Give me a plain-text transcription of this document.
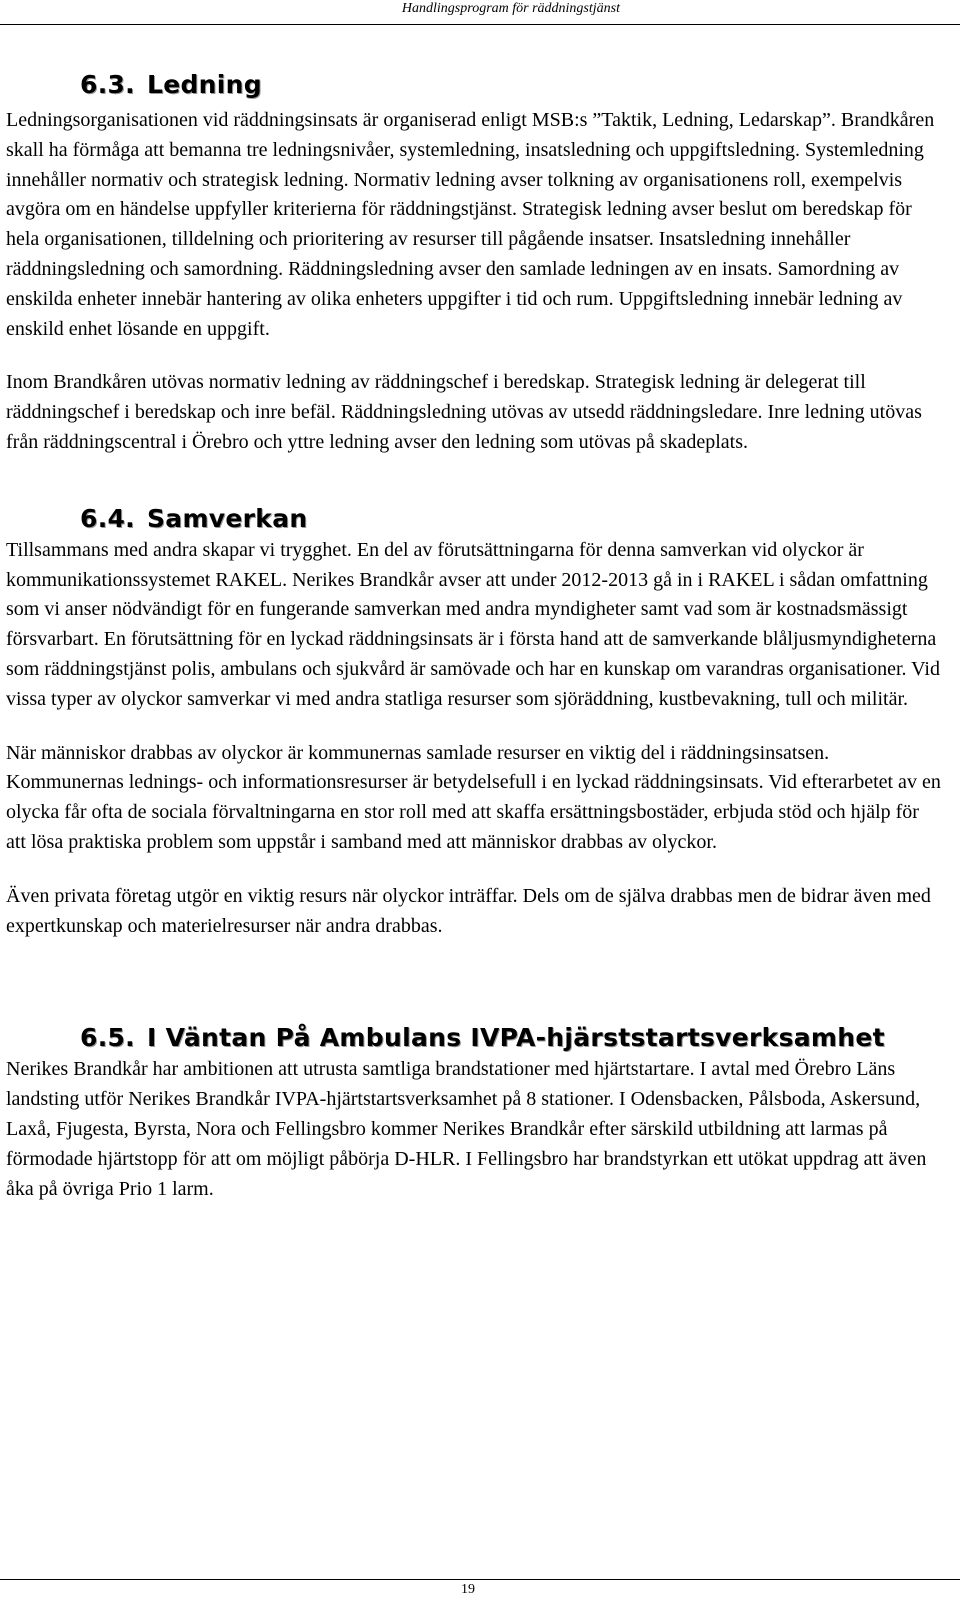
Handlingsprogram för räddningstjänst
6.3. Ledning

Ledningsorganisationen vid räddningsinsats är organiserad enligt MSB:s ”Taktik, Ledning, Ledarskap”. Brandkåren skall ha förmåga att bemanna tre ledningsnivåer, systemledning, insatsledning och uppgiftsledning. Systemledning innehåller normativ och strategisk ledning. Normativ ledning avser tolkning av organisationens roll, exempelvis avgöra om en händelse uppfyller kriterierna för räddningstjänst. Strategisk ledning avser beslut om beredskap för hela organisationen, tilldelning och prioritering av resurser till pågående insatser. Insatsledning innehåller räddningsledning och samordning. Räddningsledning avser den samlade ledningen av en insats. Samordning av enskilda enheter innebär hantering av olika enheters uppgifter i tid och rum. Uppgiftsledning innebär ledning av enskild enhet lösande en uppgift.

Inom Brandkåren utövas normativ ledning av räddningschef i beredskap. Strategisk ledning är delegerat till räddningschef i beredskap och inre befäl. Räddningsledning utövas av utsedd räddningsledare. Inre ledning utövas från räddningscentral i Örebro och yttre ledning avser den ledning som utövas på skadeplats.

6.4. Samverkan

Tillsammans med andra skapar vi trygghet. En del av förutsättningarna för denna samverkan vid olyckor är kommunikationssystemet RAKEL. Nerikes Brandkår avser att under 2012-2013 gå in i RAKEL i sådan omfattning som vi anser nödvändigt för en fungerande samverkan med andra myndigheter samt vad som är kostnadsmässigt försvarbart. En förutsättning för en lyckad räddningsinsats är i första hand att de samverkande blåljusmyndigheterna som räddningstjänst polis, ambulans och sjukvård är samövade och har en kunskap om varandras organisationer. Vid vissa typer av olyckor samverkar vi med andra statliga resurser som sjöräddning, kustbevakning, tull och militär.

När människor drabbas av olyckor är kommunernas samlade resurser en viktig del i räddningsinsatsen. Kommunernas lednings- och informationsresurser är betydelsefull i en lyckad räddningsinsats. Vid efterarbetet av en olycka får ofta de sociala förvaltningarna en stor roll med att skaffa ersättningsbostäder, erbjuda stöd och hjälp för att lösa praktiska problem som uppstår i samband med att människor drabbas av olyckor.

Även privata företag utgör en viktig resurs när olyckor inträffar. Dels om de själva drabbas men de bidrar även med expertkunskap och materielresurser när andra drabbas.

6.5. I Väntan På Ambulans IVPA-hjärststartsverksamhet

Nerikes Brandkår har ambitionen att utrusta samtliga brandstationer med hjärtstartare. I avtal med Örebro Läns landsting utför Nerikes Brandkår IVPA-hjärtstartsverksamhet på 8 stationer. I Odensbacken, Pålsboda, Askersund, Laxå, Fjugesta, Byrsta, Nora och Fellingsbro kommer Nerikes Brandkår efter särskild utbildning att larmas på förmodade hjärtstopp för att om möjligt påbörja D-HLR. I Fellingsbro har brandstyrkan ett utökat uppdrag att även åka på övriga Prio 1 larm.

19
